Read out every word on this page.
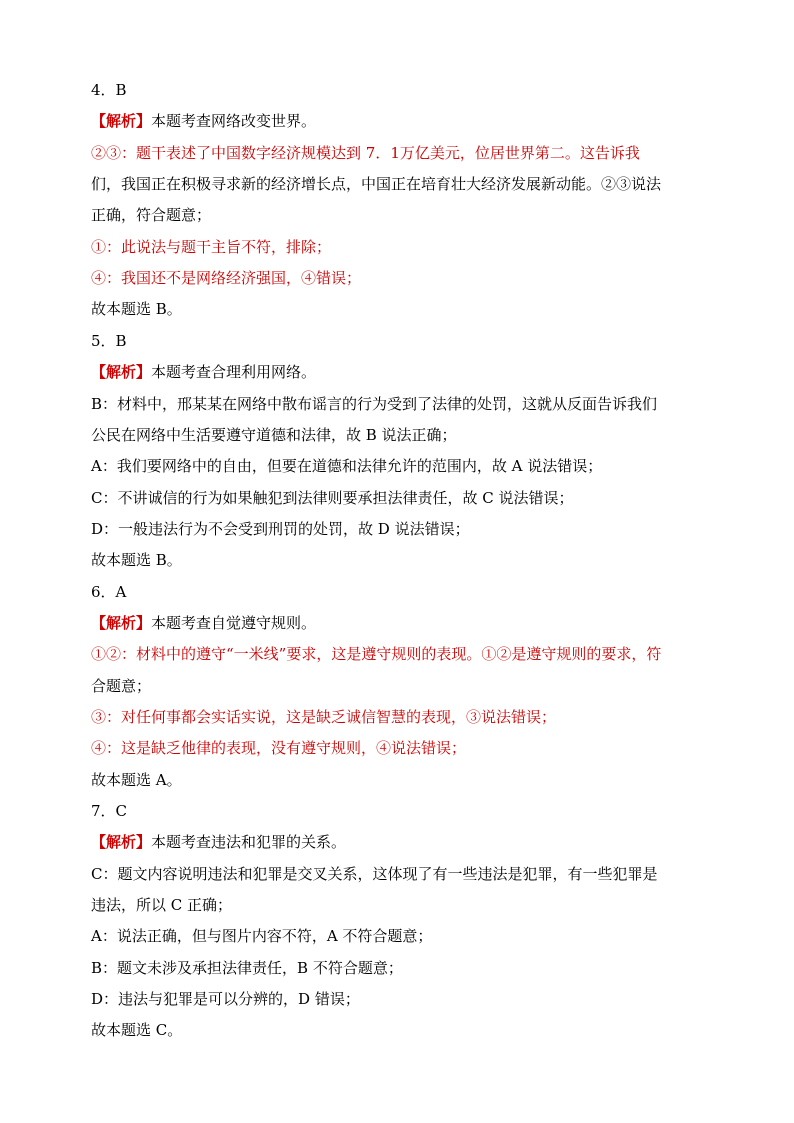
4．B
【解析】本题考查网络改变世界。
②③：题干表述了中国数字经济规模达到 7．1万亿美元，位居世界第二。这告诉我
们，我国正在积极寻求新的经济增长点，中国正在培育壮大经济发展新动能。②③说法
正确，符合题意；
①：此说法与题干主旨不符，排除；
④：我国还不是网络经济强国，④错误；
故本题选 B。
5．B
【解析】本题考查合理利用网络。
B：材料中，邢某某在网络中散布谣言的行为受到了法律的处罚，这就从反面告诉我们
公民在网络中生活要遵守道德和法律，故 B 说法正确；
A：我们要网络中的自由，但要在道德和法律允许的范围内，故 A 说法错误；
C：不讲诚信的行为如果触犯到法律则要承担法律责任，故 C 说法错误；
D：一般违法行为不会受到刑罚的处罚，故 D 说法错误；
故本题选 B。
6．A
【解析】本题考查自觉遵守规则。
①②：材料中的遵守“一米线”要求，这是遵守规则的表现。①②是遵守规则的要求，符
合题意；
③：对任何事都会实话实说，这是缺乏诚信智慧的表现，③说法错误；
④：这是缺乏他律的表现，没有遵守规则，④说法错误；
故本题选 A。
7．C
【解析】本题考查违法和犯罪的关系。
C：题文内容说明违法和犯罪是交叉关系，这体现了有一些违法是犯罪，有一些犯罪是
违法，所以 C 正确；
A：说法正确，但与图片内容不符，A 不符合题意；
B：题文未涉及承担法律责任，B 不符合题意；
D：违法与犯罪是可以分辨的，D 错误；
故本题选 C。
